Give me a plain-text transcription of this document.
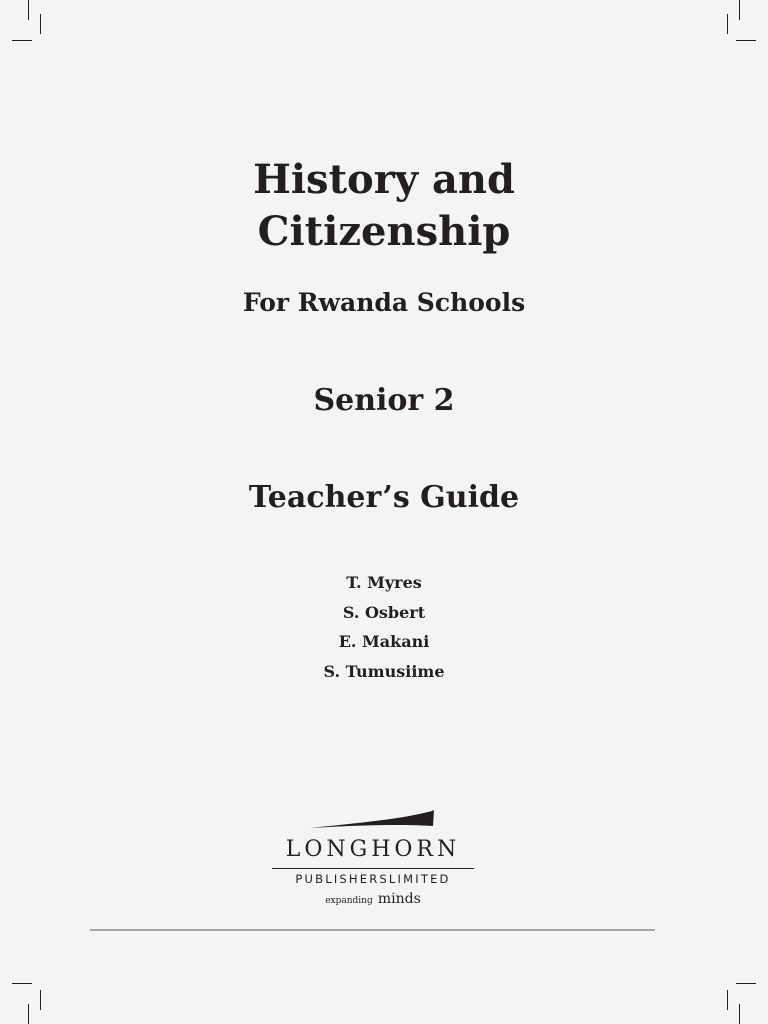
History and
Citizenship
For Rwanda Schools
Senior 2
Teacher’s Guide
T. Myres
S. Osbert
E. Makani
S. Tumusiime
LONGHORN
PUBLISHERSLIMITED
expanding minds
